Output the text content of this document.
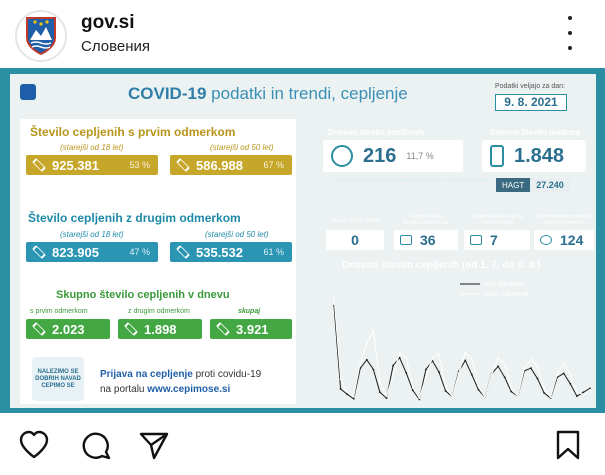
gov.si
Словения
COVID-19 podatki in trendi, cepljenje	Podatki veljajo za dan:
9. 8. 2021
Število cepljenih s prvim odmerkom
(starejši od 18 let)	(starejši od 50 let)
925.381	53 %	586.988 67 %
Število cepljenih z drugim odmerkom
(starejši od 18 let)	(starejši od 50 let)
823.905	47 %	535.532 61 %
Skupno število cepljenih v dnevu
s prvim odmerkom	z drugim odmerkom	skupaj
2.023	1.898	3.921
NALEZIMO SE DOBRIH NAVAD CEPIMO SE
Prijava na cepljenje proti covidu-19
na portalu www.cepimose.si
Dnevno število pozitivnih
216 11,7 %
Dnevno število testiranj
1.848
9. 8. 2021 so na dan izvidov PCR potrjenih na HAGT potrjujejo s PCR testi	HAGT	27.240
Dnevno število umrlih
0
Skupno število hospitaliziranih oseb
36
Skupno število oseb na intenzivni negi
7
Sedemdnevno povprečje potrjenih primerov
124
Dnevno število cepljenih (od 1. 7. do 9. 8.)
20000
15000
10000
5000
0
prvi odmerek
drugi odmerek
